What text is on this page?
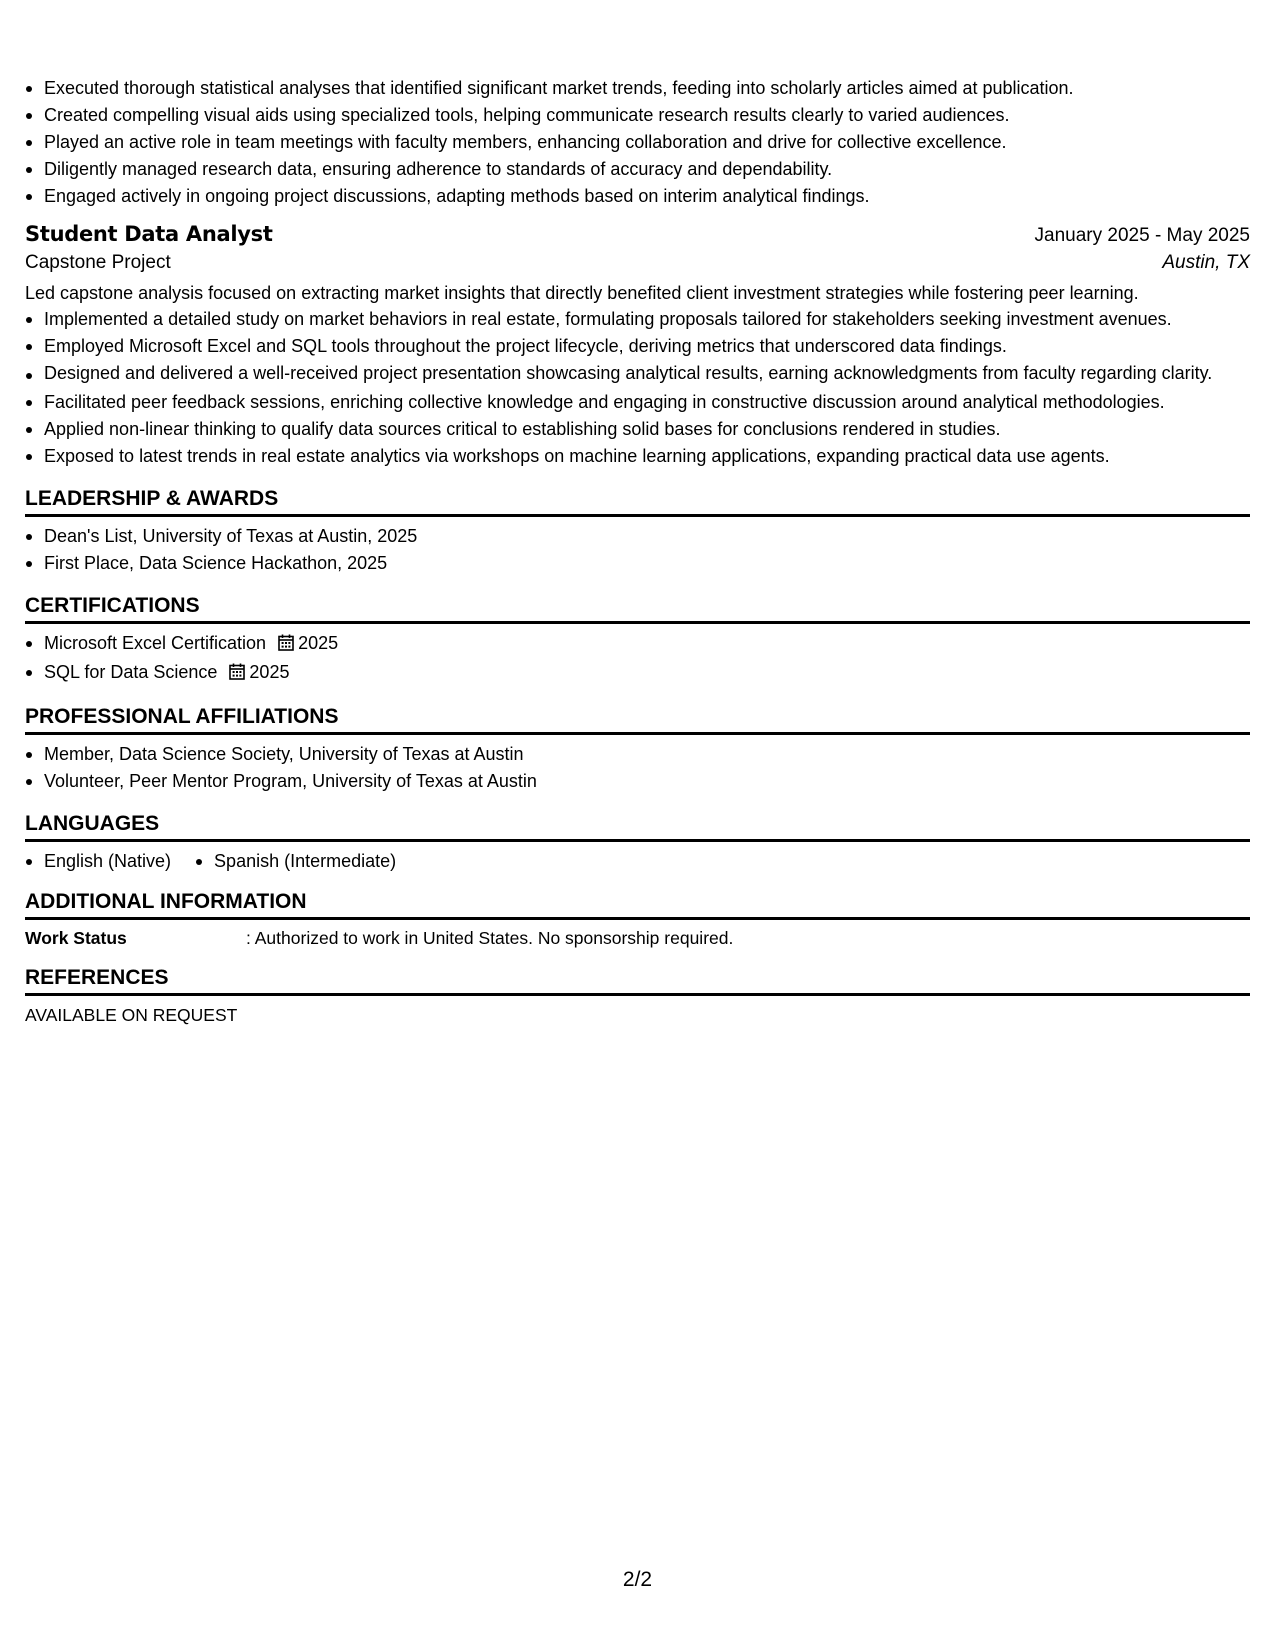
Executed thorough statistical analyses that identified significant market trends, feeding into scholarly articles aimed at publication.
Created compelling visual aids using specialized tools, helping communicate research results clearly to varied audiences.
Played an active role in team meetings with faculty members, enhancing collaboration and drive for collective excellence.
Diligently managed research data, ensuring adherence to standards of accuracy and dependability.
Engaged actively in ongoing project discussions, adapting methods based on interim analytical findings.
Student Data Analyst	January 2025 - May 2025
Capstone Project	Austin, TX
Led capstone analysis focused on extracting market insights that directly benefited client investment strategies while fostering peer learning.
Implemented a detailed study on market behaviors in real estate, formulating proposals tailored for stakeholders seeking investment avenues.
Employed Microsoft Excel and SQL tools throughout the project lifecycle, deriving metrics that underscored data findings.
Designed and delivered a well-received project presentation showcasing analytical results, earning acknowledgments from faculty regarding clarity.
Facilitated peer feedback sessions, enriching collective knowledge and engaging in constructive discussion around analytical methodologies.
Applied non-linear thinking to qualify data sources critical to establishing solid bases for conclusions rendered in studies.
Exposed to latest trends in real estate analytics via workshops on machine learning applications, expanding practical data use agents.
LEADERSHIP & AWARDS
Dean's List, University of Texas at Austin, 2025
First Place, Data Science Hackathon, 2025
CERTIFICATIONS
Microsoft Excel Certification 2025
SQL for Data Science 2025
PROFESSIONAL AFFILIATIONS
Member, Data Science Society, University of Texas at Austin
Volunteer, Peer Mentor Program, University of Texas at Austin
LANGUAGES
English (Native)	Spanish (Intermediate)
ADDITIONAL INFORMATION
Work Status	: Authorized to work in United States. No sponsorship required.
REFERENCES
AVAILABLE ON REQUEST
2/2
